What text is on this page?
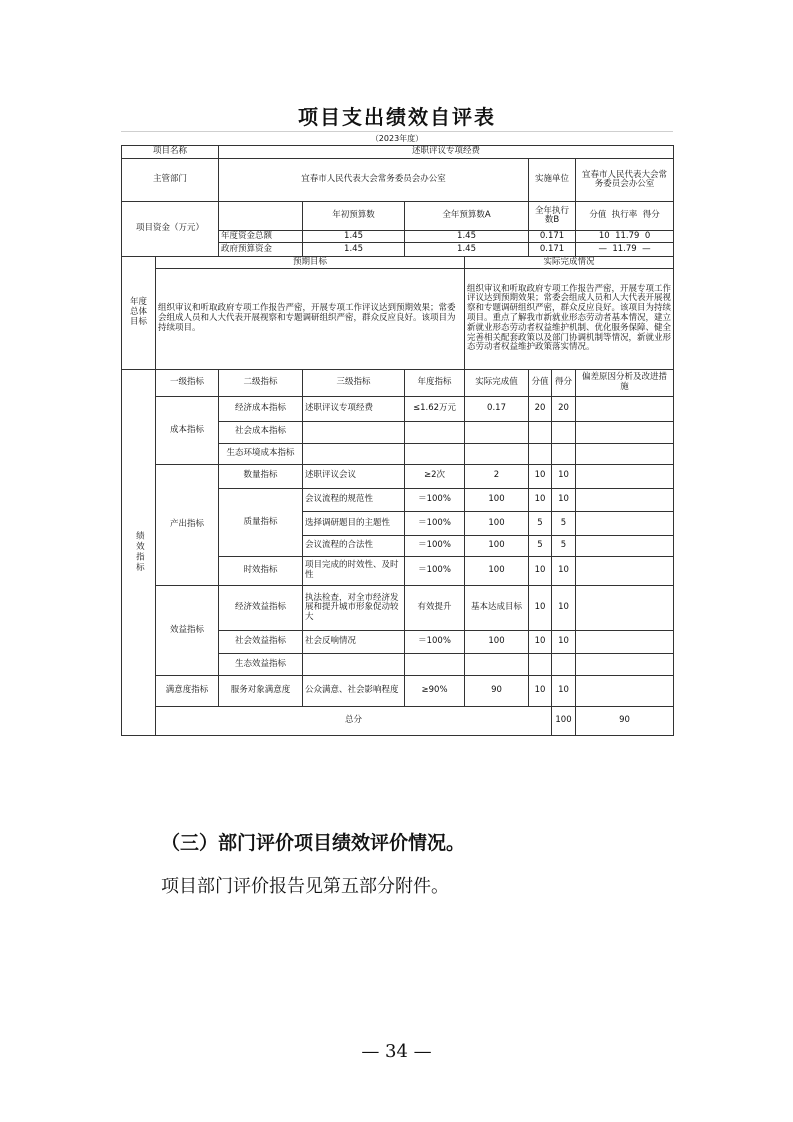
项目支出绩效自评表
（2023年度）
项目名称		述职评议专项经费							
主管部门		宜春市人民代表大会常务委员会办公室				实施单位		宜春市人民代表大会常务委员会办公室	
项目资金（万元）			年初预算数	全年预算数A		全年执行数B		分值 执行率 得分	
		年度资金总额	1.45	1.45		0.171		10 11.79 0	
		政府预算资金	1.45	1.45		0.171		— 11.79 —	

年度总体目标	预期目标				实际完成情况				
	组织审议和听取政府专项工作报告严密，开展专项工作评议达到预期效果；常委会组成人员和人大代表开展视察和专题调研组织严密，群众反应良好。该项目为持续项目。				组织审议和听取政府专项工作报告严密，开展专项工作评议达到预期效果；常委会组成人员和人大代表开展视察和专题调研组织严密，群众反应良好。该项目为持续项目。重点了解我市新就业形态劳动者基本情况，建立新就业形态劳动者权益维护机制、优化服务保障、健全完善相关配套政策以及部门协调机制等情况，新就业形态劳动者权益维护政策落实情况。				

绩效指标	一级指标	二级指标	三级指标	年度指标	实际完成值	分值	得分	偏差原因分析及改进措施	
	成本指标	经济成本指标	述职评议专项经费	≤1.62万元	0.17	20	20		
		社会成本指标							
		生态环境成本指标							
	产出指标	数量指标	述职评议会议	≥2次	2	10	10		
		质量指标	会议流程的规范性	＝100%	100	10	10		
			选择调研题目的主题性	＝100%	100	5	5		
			会议流程的合法性	＝100%	100	5	5		
		时效指标	项目完成的时效性、及时性	＝100%	100	10	10		
	效益指标	经济效益指标	执法检查，对全市经济发展和提升城市形象促动较大	有效提升	基本达成目标	10	10		
		社会效益指标	社会反响情况	＝100%	100	10	10		
		生态效益指标							
	满意度指标	服务对象满意度	公众满意、社会影响程度	≥90%	90	10	10		
	总分						100	90	
（三）部门评价项目绩效评价情况。
项目部门评价报告见第五部分附件。
— 34 —
